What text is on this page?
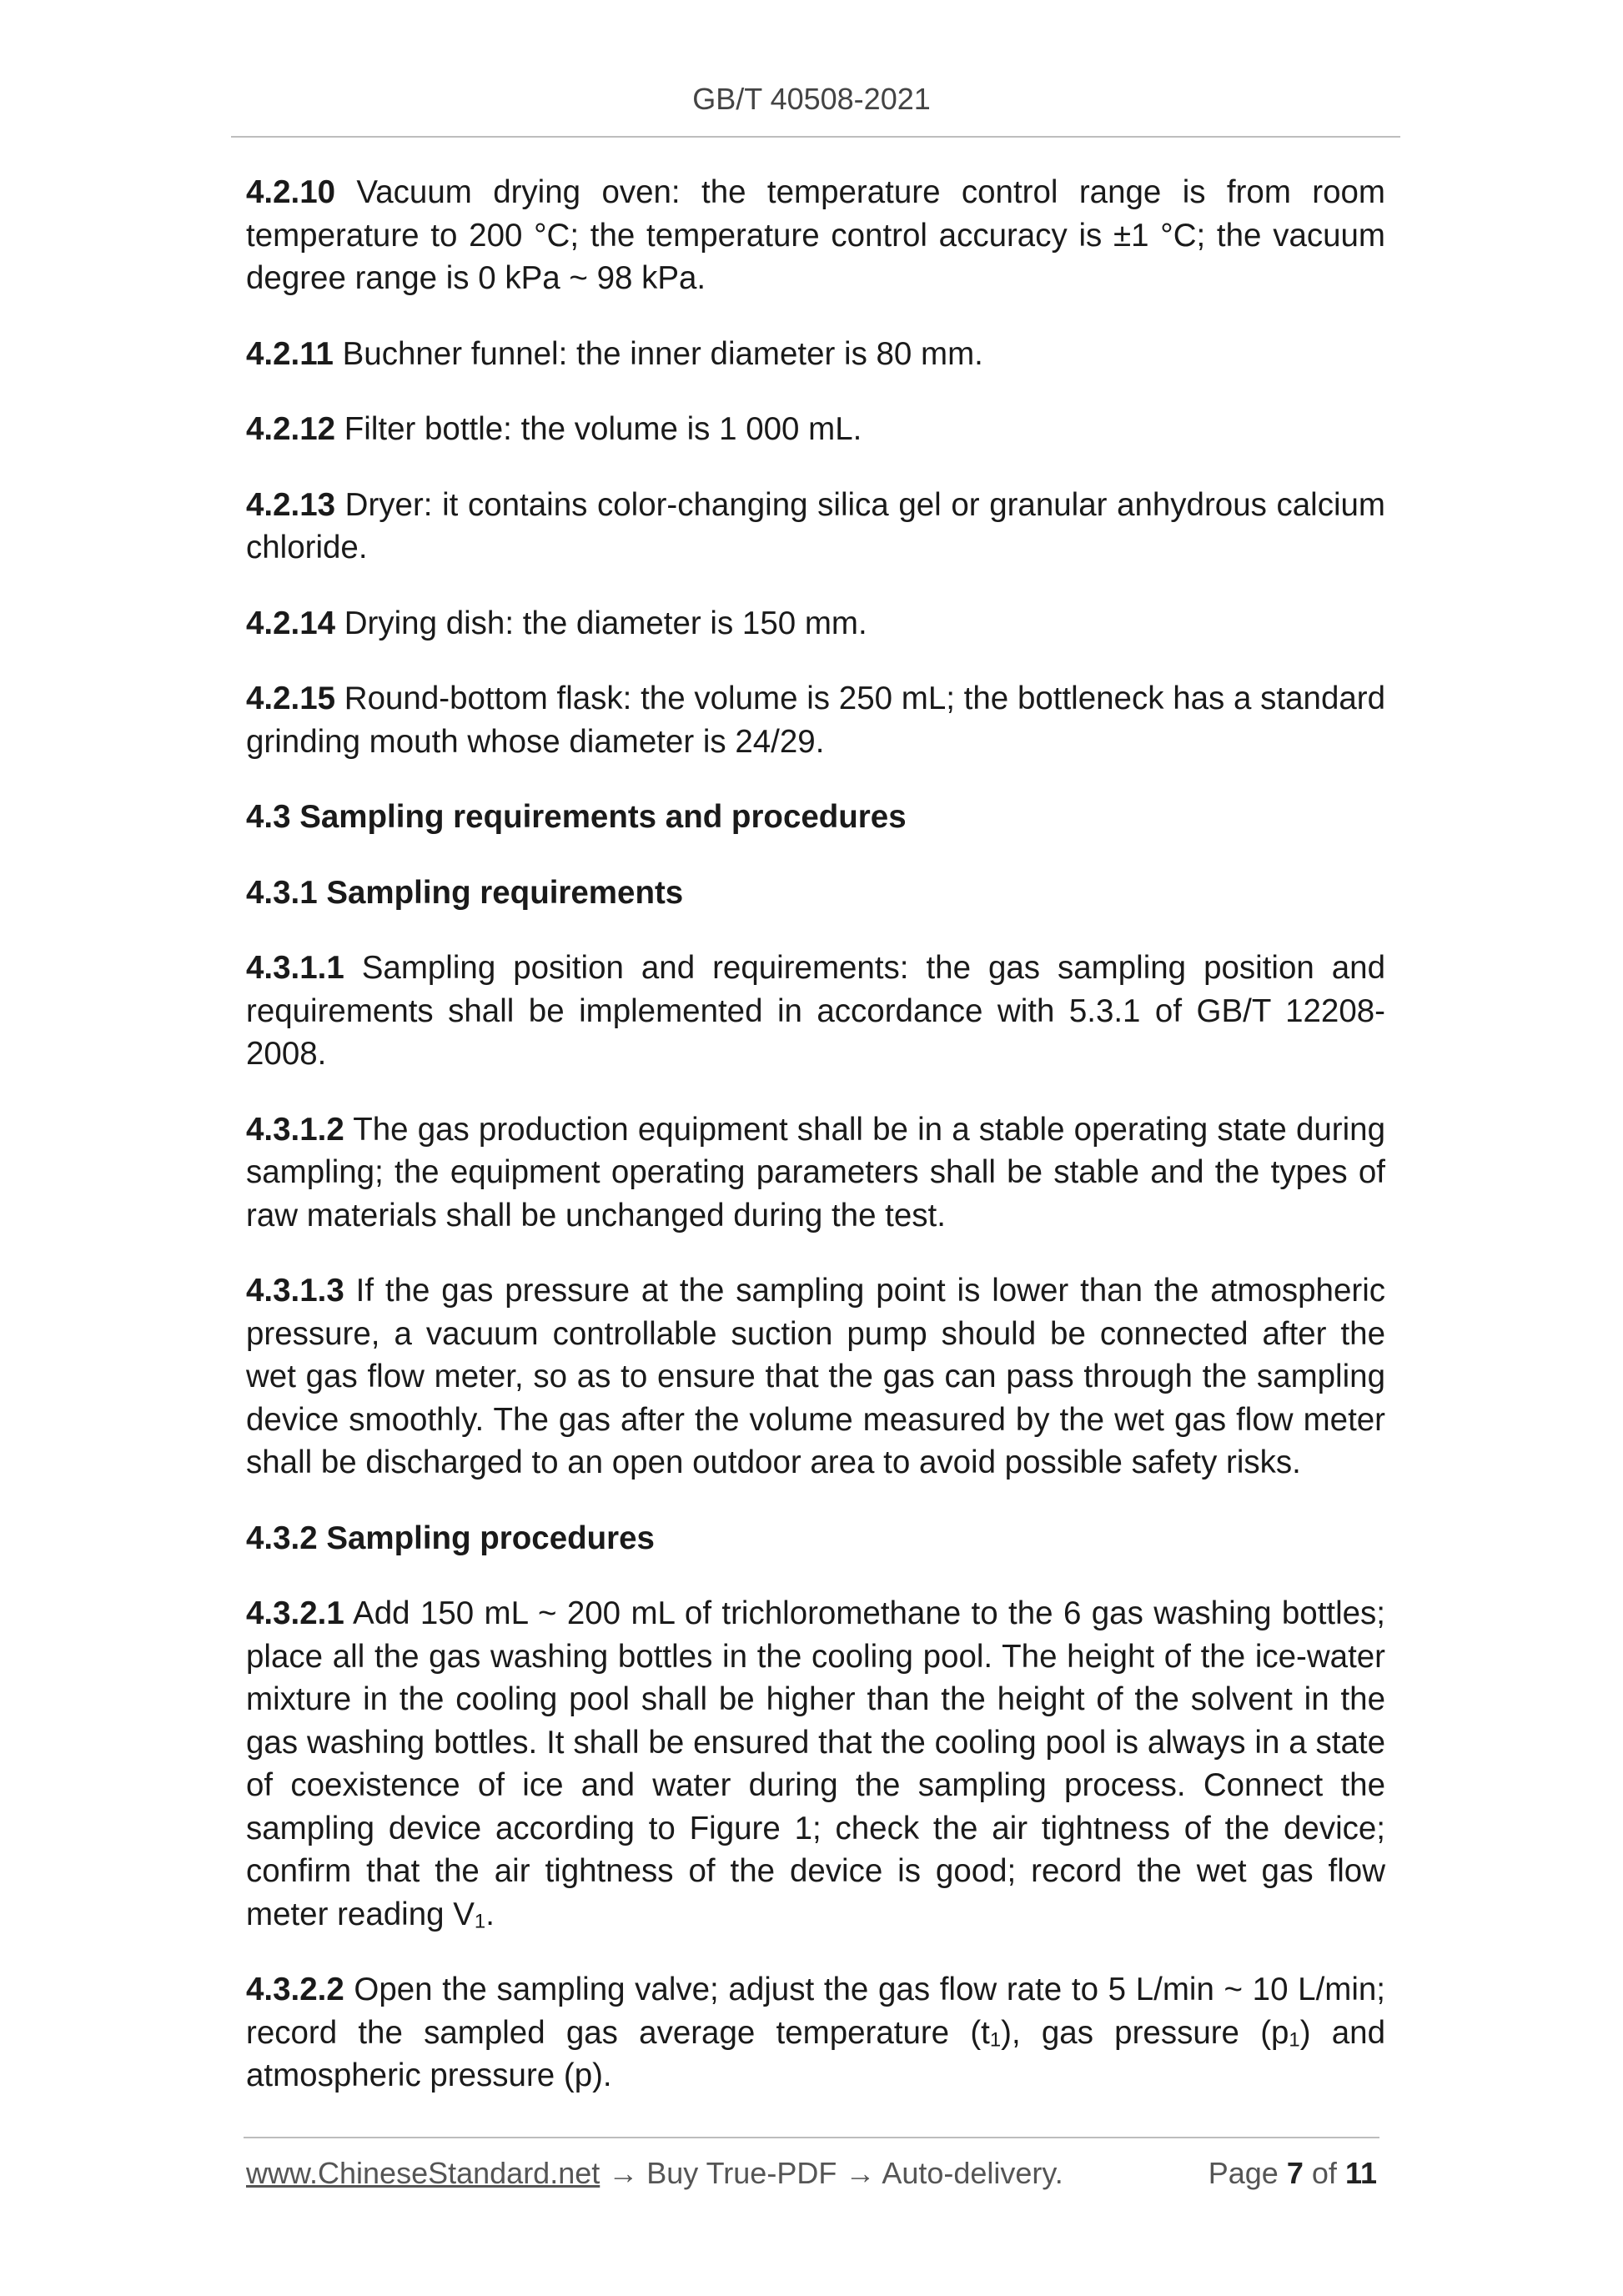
GB/T 40508-2021

4.2.10 Vacuum drying oven: the temperature control range is from room temperature to 200 °C; the temperature control accuracy is ±1 °C; the vacuum degree range is 0 kPa ~ 98 kPa.

4.2.11 Buchner funnel: the inner diameter is 80 mm.

4.2.12 Filter bottle: the volume is 1 000 mL.

4.2.13 Dryer: it contains color-changing silica gel or granular anhydrous calcium chloride.

4.2.14 Drying dish: the diameter is 150 mm.

4.2.15 Round-bottom flask: the volume is 250 mL; the bottleneck has a standard grinding mouth whose diameter is 24/29.

4.3 Sampling requirements and procedures

4.3.1 Sampling requirements

4.3.1.1 Sampling position and requirements: the gas sampling position and requirements shall be implemented in accordance with 5.3.1 of GB/T 12208-2008.

4.3.1.2 The gas production equipment shall be in a stable operating state during sampling; the equipment operating parameters shall be stable and the types of raw materials shall be unchanged during the test.

4.3.1.3 If the gas pressure at the sampling point is lower than the atmospheric pressure, a vacuum controllable suction pump should be connected after the wet gas flow meter, so as to ensure that the gas can pass through the sampling device smoothly. The gas after the volume measured by the wet gas flow meter shall be discharged to an open outdoor area to avoid possible safety risks.

4.3.2 Sampling procedures

4.3.2.1 Add 150 mL ~ 200 mL of trichloromethane to the 6 gas washing bottles; place all the gas washing bottles in the cooling pool. The height of the ice-water mixture in the cooling pool shall be higher than the height of the solvent in the gas washing bottles. It shall be ensured that the cooling pool is always in a state of coexistence of ice and water during the sampling process. Connect the sampling device according to Figure 1; check the air tightness of the device; confirm that the air tightness of the device is good; record the wet gas flow meter reading $V_1$.

4.3.2.2 Open the sampling valve; adjust the gas flow rate to 5 L/min ~ 10 L/min; record the sampled gas average temperature $(t_1)$, gas pressure $(p_1)$ and atmospheric pressure (p).

www.ChineseStandard.net → Buy True-PDF → Auto-delivery.	Page 7 of 11
